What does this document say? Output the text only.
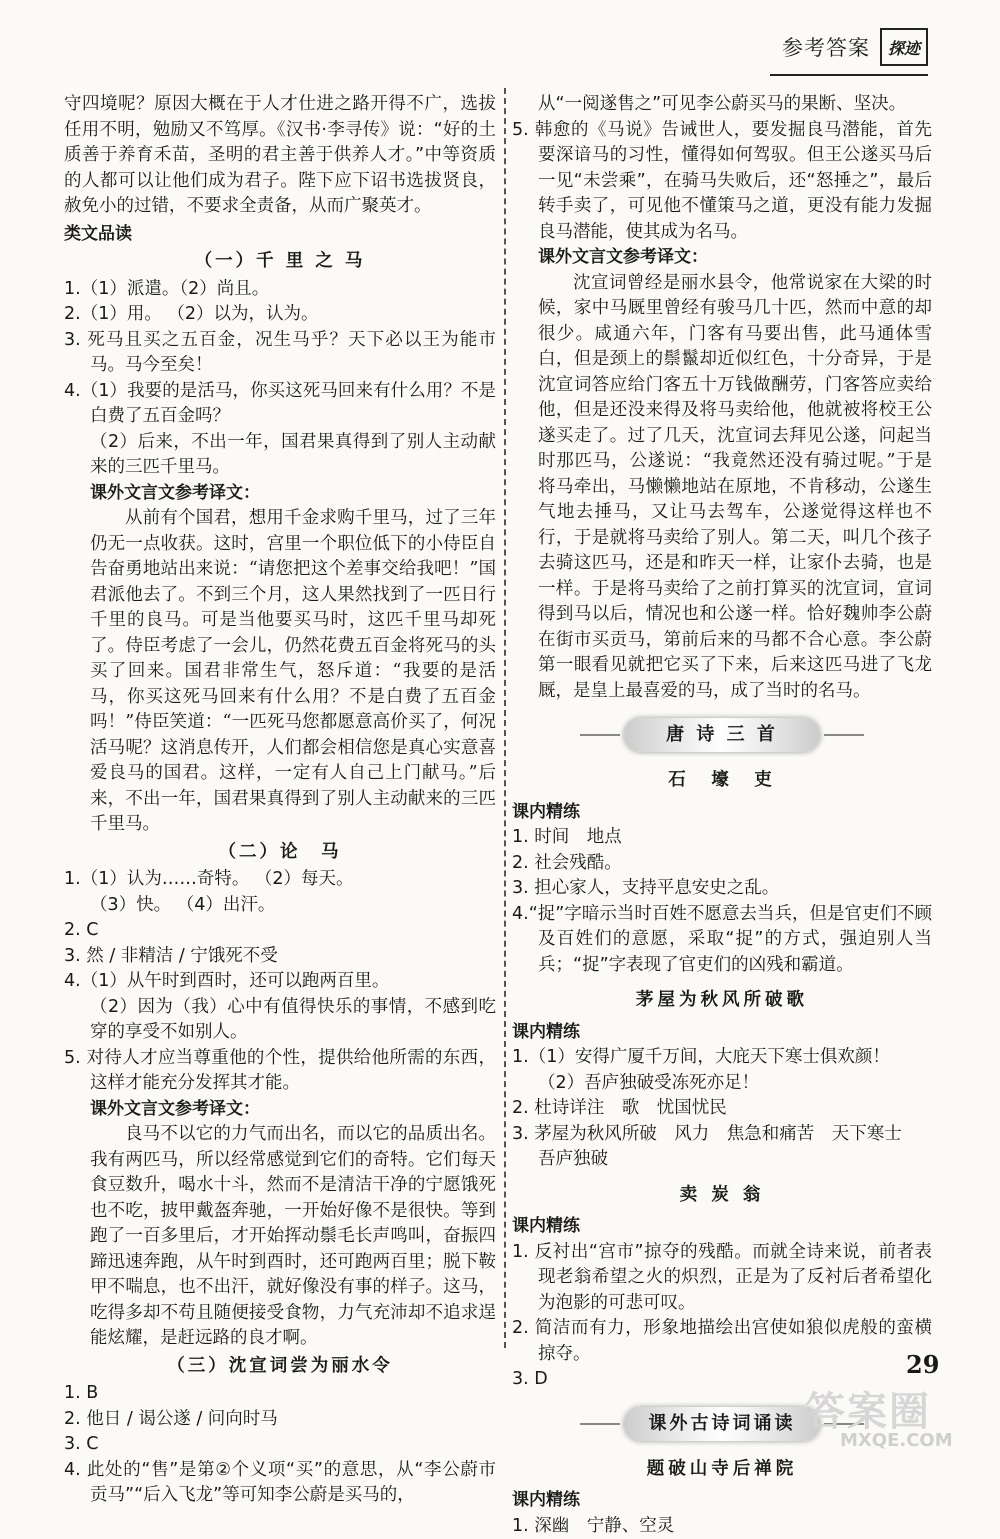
参考答案	探迹

守四境呢？原因大概在于人才仕进之路开得不广，选拔任用不明，勉励又不笃厚。《汉书·李寻传》说：“好的土质善于养育禾苗，圣明的君主善于供养人才。”中等资质的人都可以让他们成为君子。陛下应下诏书选拔贤良，赦免小的过错，不要求全责备，从而广聚英才。

类文品读

（一）千 里 之 马

1.（1）派遣。（2）尚且。

2.（1）用。 （2）以为，认为。

3. 死马且买之五百金，况生马乎？天下必以王为能市马。马今至矣！

4.（1）我要的是活马，你买这死马回来有什么用？不是白费了五百金吗？

（2）后来，不出一年，国君果真得到了别人主动献来的三匹千里马。

课外文言文参考译文：

从前有个国君，想用千金求购千里马，过了三年仍无一点收获。这时，宫里一个职位低下的小侍臣自告奋勇地站出来说：“请您把这个差事交给我吧！”国君派他去了。不到三个月，这人果然找到了一匹日行千里的良马。可是当他要买马时，这匹千里马却死了。侍臣考虑了一会儿，仍然花费五百金将死马的头买了回来。国君非常生气，怒斥道：“我要的是活马，你买这死马回来有什么用？不是白费了五百金吗！”侍臣笑道：“一匹死马您都愿意高价买了，何况活马呢？这消息传开，人们都会相信您是真心实意喜爱良马的国君。这样，一定有人自己上门献马。”后来，不出一年，国君果真得到了别人主动献来的三匹千里马。

（二）论　马

1.（1）认为……奇特。 （2）每天。

（3）快。 （4）出汗。

2. C

3. 然 / 非精洁 / 宁饿死不受

4.（1）从午时到酉时，还可以跑两百里。

（2）因为（我）心中有值得快乐的事情，不感到吃穿的享受不如别人。

5. 对待人才应当尊重他的个性，提供给他所需的东西，这样才能充分发挥其才能。

课外文言文参考译文：

良马不以它的力气而出名，而以它的品质出名。我有两匹马，所以经常感觉到它们的奇特。它们每天食豆数升，喝水十斗，然而不是清洁干净的宁愿饿死也不吃，披甲戴盔奔驰，一开始好像不是很快。等到跑了一百多里后，才开始挥动鬃毛长声鸣叫，奋振四蹄迅速奔跑，从午时到酉时，还可跑两百里；脱下鞍甲不喘息，也不出汗，就好像没有事的样子。这马，吃得多却不苟且随便接受食物，力气充沛却不追求逞能炫耀，是赶远路的良才啊。

（三）沈宣词尝为丽水令

1. B

2. 他日 / 谒公遂 / 问向时马

3. C

4. 此处的“售”是第②个义项“买”的意思，从“李公蔚市贡马”“后入飞龙”等可知李公蔚是买马的，

从“一阅遂售之”可见李公蔚买马的果断、坚决。

5. 韩愈的《马说》告诫世人，要发掘良马潜能，首先要深谙马的习性，懂得如何驾驭。但王公遂买马后一见“未尝乘”，在骑马失败后，还“怒捶之”，最后转手卖了，可见他不懂策马之道，更没有能力发掘良马潜能，使其成为名马。

课外文言文参考译文：

沈宣词曾经是丽水县令，他常说家在大梁的时候，家中马厩里曾经有骏马几十匹，然而中意的却很少。咸通六年，门客有马要出售，此马通体雪白，但是颈上的鬃鬣却近似红色，十分奇异，于是沈宣词答应给门客五十万钱做酬劳，门客答应卖给他，但是还没来得及将马卖给他，他就被将校王公遂买走了。过了几天，沈宣词去拜见公遂，问起当时那匹马，公遂说：“我竟然还没有骑过呢。”于是将马牵出，马懒懒地站在原地，不肯移动，公遂生气地去捶马，又让马去驾车，公遂觉得这样也不行，于是就将马卖给了别人。第二天，叫几个孩子去骑这匹马，还是和昨天一样，让家仆去骑，也是一样。于是将马卖给了之前打算买的沈宣词，宣词得到马以后，情况也和公遂一样。恰好魏帅李公蔚在街市买贡马，第前后来的马都不合心意。李公蔚第一眼看见就把它买了下来，后来这匹马进了飞龙厩，是皇上最喜爱的马，成了当时的名马。

唐 诗 三 首

石　壕　吏

课内精练

1. 时间　地点

2. 社会残酷。

3. 担心家人，支持平息安史之乱。

4.“捉”字暗示当时百姓不愿意去当兵，但是官吏们不顾及百姓们的意愿，采取“捉”的方式，强迫别人当兵；“捉”字表现了官吏们的凶残和霸道。

茅屋为秋风所破歌

课内精练

1.（1）安得广厦千万间，大庇天下寒士俱欢颜！

（2）吾庐独破受冻死亦足！

2. 杜诗详注　歌　忧国忧民

3. 茅屋为秋风所破　风力　焦急和痛苦　天下寒士　吾庐独破

卖 炭 翁

课内精练

1. 反衬出“宫市”掠夺的残酷。而就全诗来说，前者表现老翁希望之火的炽烈，正是为了反衬后者希望化为泡影的可悲可叹。

2. 简洁而有力，形象地描绘出宫使如狼似虎般的蛮横掠夺。

3. D

课外古诗词诵读

题破山寺后禅院

课内精练

1. 深幽　宁静、空灵

29
答案圈
MXQE.COM
